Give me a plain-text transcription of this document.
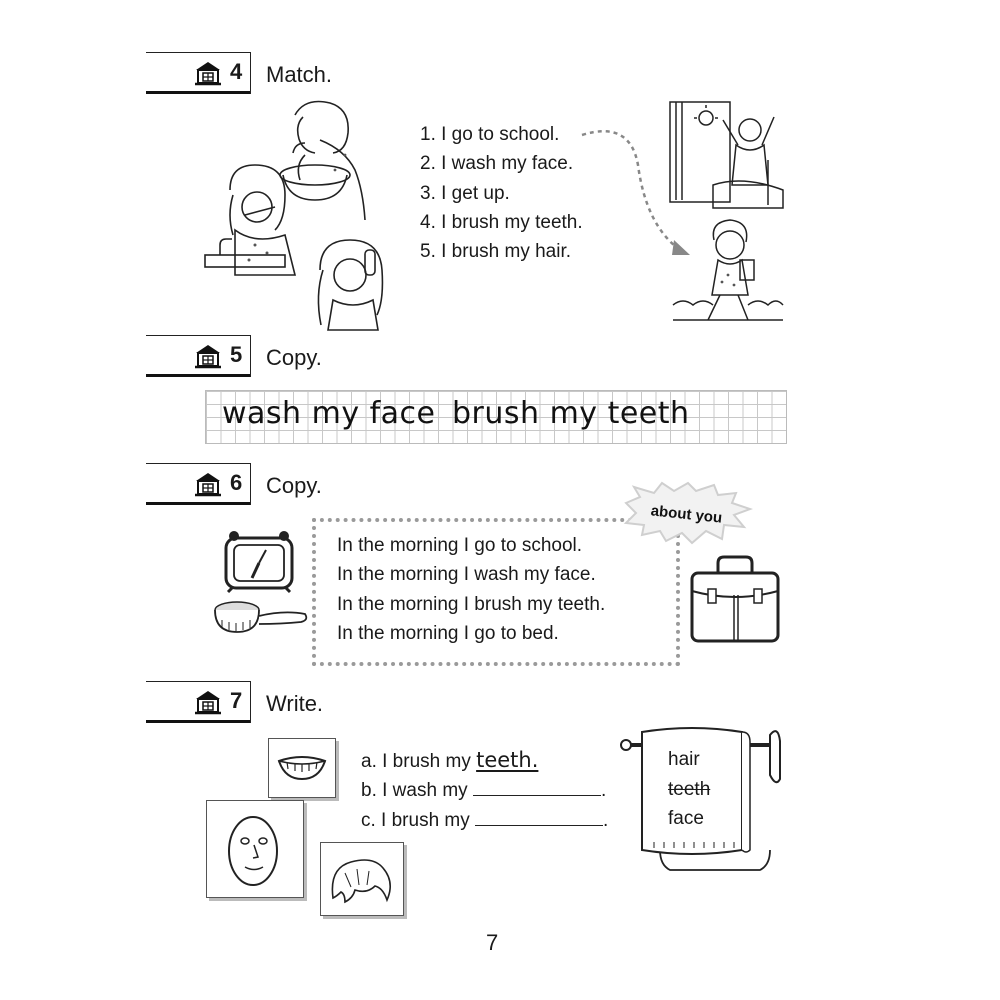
4 Match.
1. I go to school.
2. I wash my face.
3. I get up.
4. I brush my teeth.
5. I brush my hair.
5 Copy.
wash my face brush my teeth
6 Copy.
In the morning I go to school.
In the morning I wash my face.
In the morning I brush my teeth.
In the morning I go to bed.
about you
7 Write.
a. I brush my teeth.
b. I wash my	.
c. I brush my	.
hair
teeth
face
7
